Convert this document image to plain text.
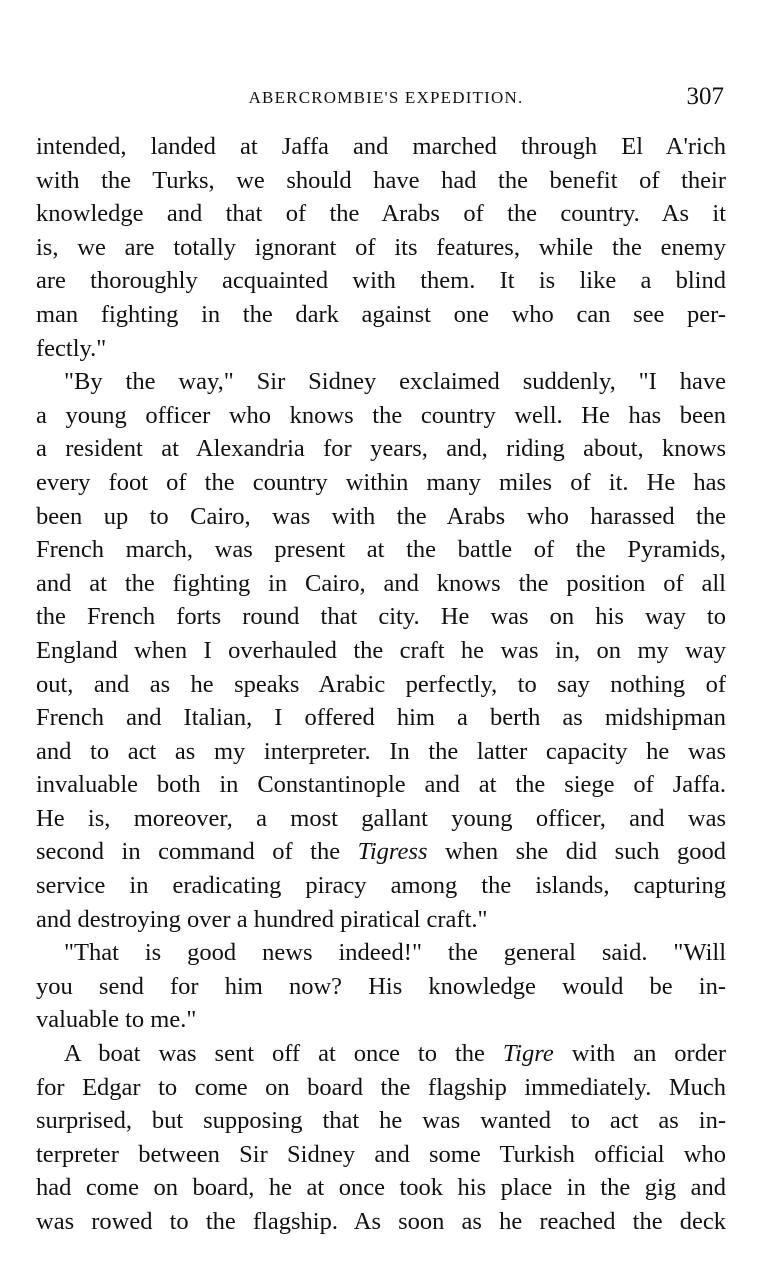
ABERCROMBIE'S EXPEDITION.	307
intended, landed at Jaffa and marched through El A'rich
with the Turks, we should have had the benefit of their
knowledge and that of the Arabs of the country. As it
is, we are totally ignorant of its features, while the enemy
are thoroughly acquainted with them. It is like a blind
man fighting in the dark against one who can see per-
fectly."
"By the way," Sir Sidney exclaimed suddenly, "I have
a young officer who knows the country well. He has been
a resident at Alexandria for years, and, riding about, knows
every foot of the country within many miles of it. He has
been up to Cairo, was with the Arabs who harassed the
French march, was present at the battle of the Pyramids,
and at the fighting in Cairo, and knows the position of all
the French forts round that city. He was on his way to
England when I overhauled the craft he was in, on my way
out, and as he speaks Arabic perfectly, to say nothing of
French and Italian, I offered him a berth as midshipman
and to act as my interpreter. In the latter capacity he was
invaluable both in Constantinople and at the siege of Jaffa.
He is, moreover, a most gallant young officer, and was
second in command of the Tigress when she did such good
service in eradicating piracy among the islands, capturing
and destroying over a hundred piratical craft."
"That is good news indeed!" the general said. "Will
you send for him now? His knowledge would be in-
valuable to me."
A boat was sent off at once to the Tigre with an order
for Edgar to come on board the flagship immediately. Much
surprised, but supposing that he was wanted to act as in-
terpreter between Sir Sidney and some Turkish official who
had come on board, he at once took his place in the gig and
was rowed to the flagship. As soon as he reached the deck
